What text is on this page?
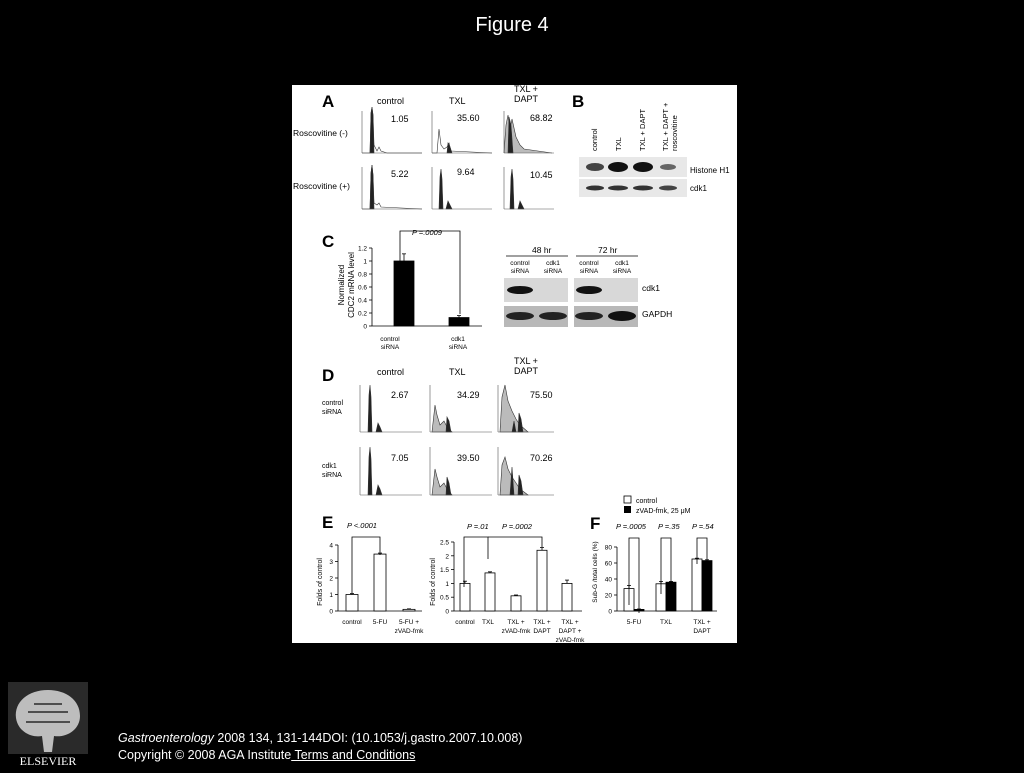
Figure 4
A	control	TXL
TXL +
DAPT
Roscovitine (-)
Roscovitine (+)
1.05	35.60	68.82
5.22	9.64	10.45
B
control TXL TXL + DAPT TXL + DAPT + roscovitine
Histone H1
cdk1
C	P =.0009
Normalized CDC2 mRNA level
0
0.2
0.4
0.6
0.8
1
1.2
control
siRNA
cdk1
siRNA
48 hr	72 hr
control
siRNA
cdk1
siRNA
control
siRNA
cdk1
siRNA
cdk1
GAPDH
D	control	TXL
TXL +
DAPT
control
siRNA
cdk1
siRNA
2.67	34.29	75.50
7.05	39.50	70.26
E P <.0001	P =.01 P =.0002
Folds of control	Folds of control
0
1
2
3
4
0
0.5
1
1.5
2
2.5
control 5-FU 5-FU +
zVAD-fmk
control TXL TXL +
zVAD-fmk
TXL +
DAPT
TXL +
DAPT +
zVAD-fmk
F
control
zVAD-fmk, 25 μM
P =.0005 P =.35 P =.54
Sub-G /total cells (%)
0
20
40
60
80
5-FU	TXL	TXL +
DAPT
ELSEVIER
Gastroenterology 2008 134, 131-144DOI: (10.1053/j.gastro.2007.10.008)
Copyright © 2008 AGA Institute Terms and Conditions
